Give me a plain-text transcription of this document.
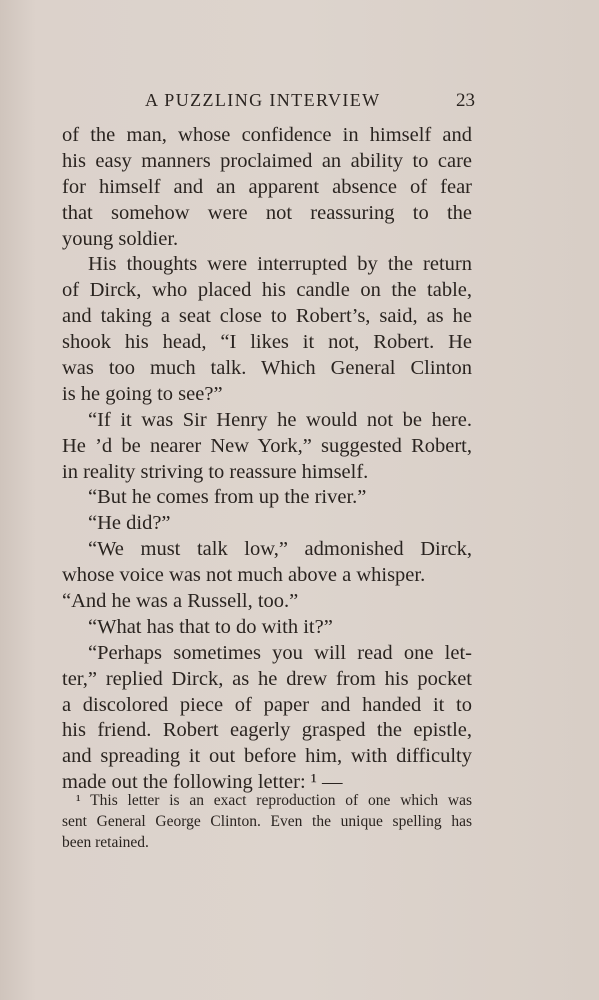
A PUZZLING INTERVIEW	23
of the man, whose confidence in himself and
his easy manners proclaimed an ability to care
for himself and an apparent absence of fear
that somehow were not reassuring to the
young soldier.
His thoughts were interrupted by the return
of Dirck, who placed his candle on the table,
and taking a seat close to Robert’s, said, as he
shook his head, “I likes it not, Robert. He
was too much talk. Which General Clinton
is he going to see?”
“If it was Sir Henry he would not be here.
He ’d be nearer New York,” suggested Robert,
in reality striving to reassure himself.
“But he comes from up the river.”
“He did?”
“We must talk low,” admonished Dirck,
whose voice was not much above a whisper.
“And he was a Russell, too.”
“What has that to do with it?”
“Perhaps sometimes you will read one let-
ter,” replied Dirck, as he drew from his pocket
a discolored piece of paper and handed it to
his friend. Robert eagerly grasped the epistle,
and spreading it out before him, with difficulty
made out the following letter: ¹ —
¹ This letter is an exact reproduction of one which was
sent General George Clinton. Even the unique spelling has
been retained.
